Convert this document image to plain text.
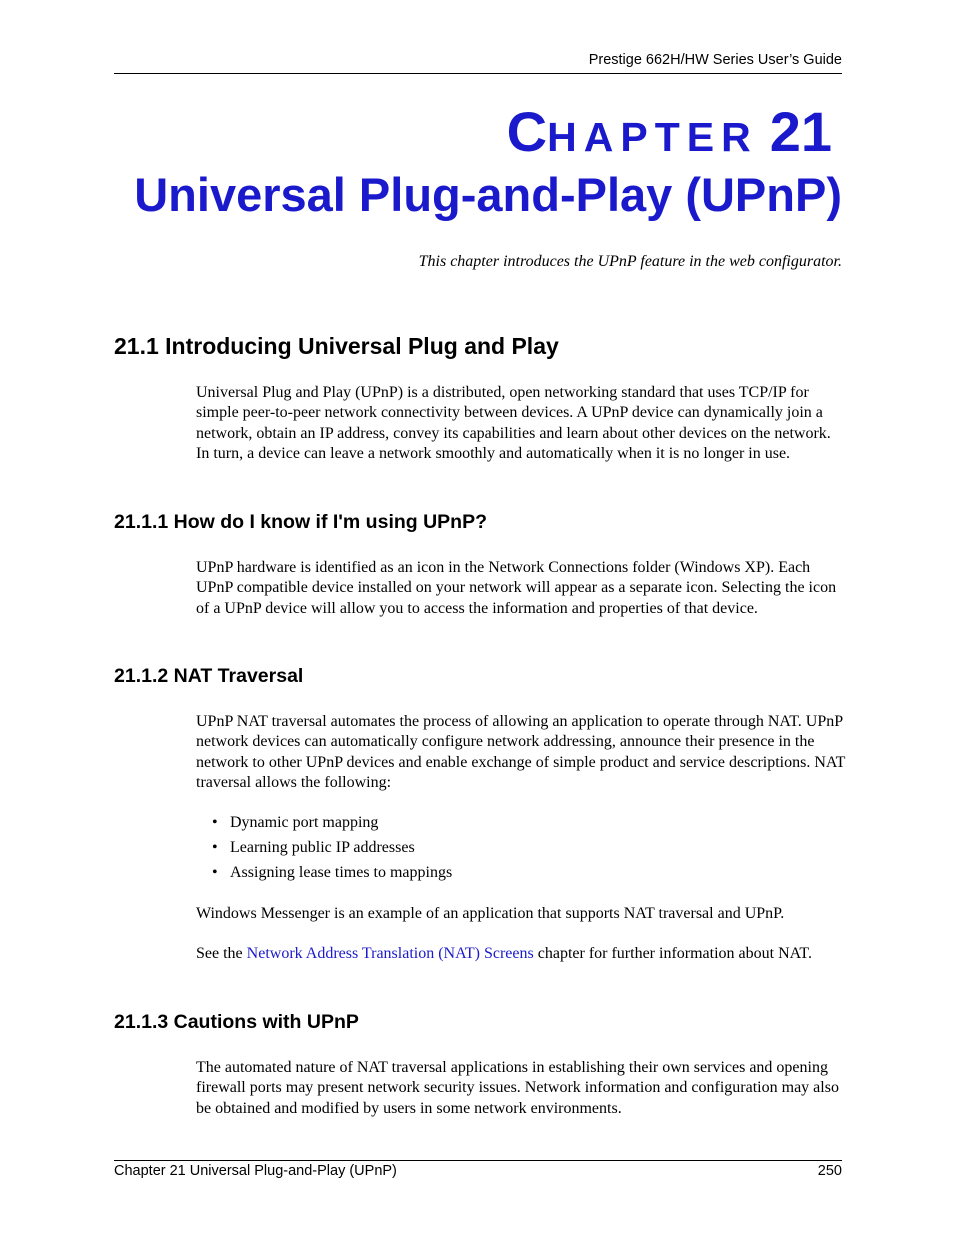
Prestige 662H/HW Series User’s Guide
CHAPTER 21
Universal Plug-and-Play (UPnP)
This chapter introduces the UPnP feature in the web configurator.
21.1 Introducing Universal Plug and Play

Universal Plug and Play (UPnP) is a distributed, open networking standard that uses TCP/IP for simple peer-to-peer network connectivity between devices. A UPnP device can dynamically join a network, obtain an IP address, convey its capabilities and learn about other devices on the network. In turn, a device can leave a network smoothly and automatically when it is no longer in use.

21.1.1 How do I know if I'm using UPnP?

UPnP hardware is identified as an icon in the Network Connections folder (Windows XP). Each UPnP compatible device installed on your network will appear as a separate icon. Selecting the icon of a UPnP device will allow you to access the information and properties of that device.

21.1.2 NAT Traversal

UPnP NAT traversal automates the process of allowing an application to operate through NAT. UPnP network devices can automatically configure network addressing, announce their presence in the network to other UPnP devices and enable exchange of simple product and service descriptions. NAT traversal allows the following:

• Dynamic port mapping
• Learning public IP addresses
• Assigning lease times to mappings

Windows Messenger is an example of an application that supports NAT traversal and UPnP.

See the Network Address Translation (NAT) Screens chapter for further information about NAT.

21.1.3 Cautions with UPnP

The automated nature of NAT traversal applications in establishing their own services and opening firewall ports may present network security issues. Network information and configuration may also be obtained and modified by users in some network environments.

Chapter 21 Universal Plug-and-Play (UPnP)	250
